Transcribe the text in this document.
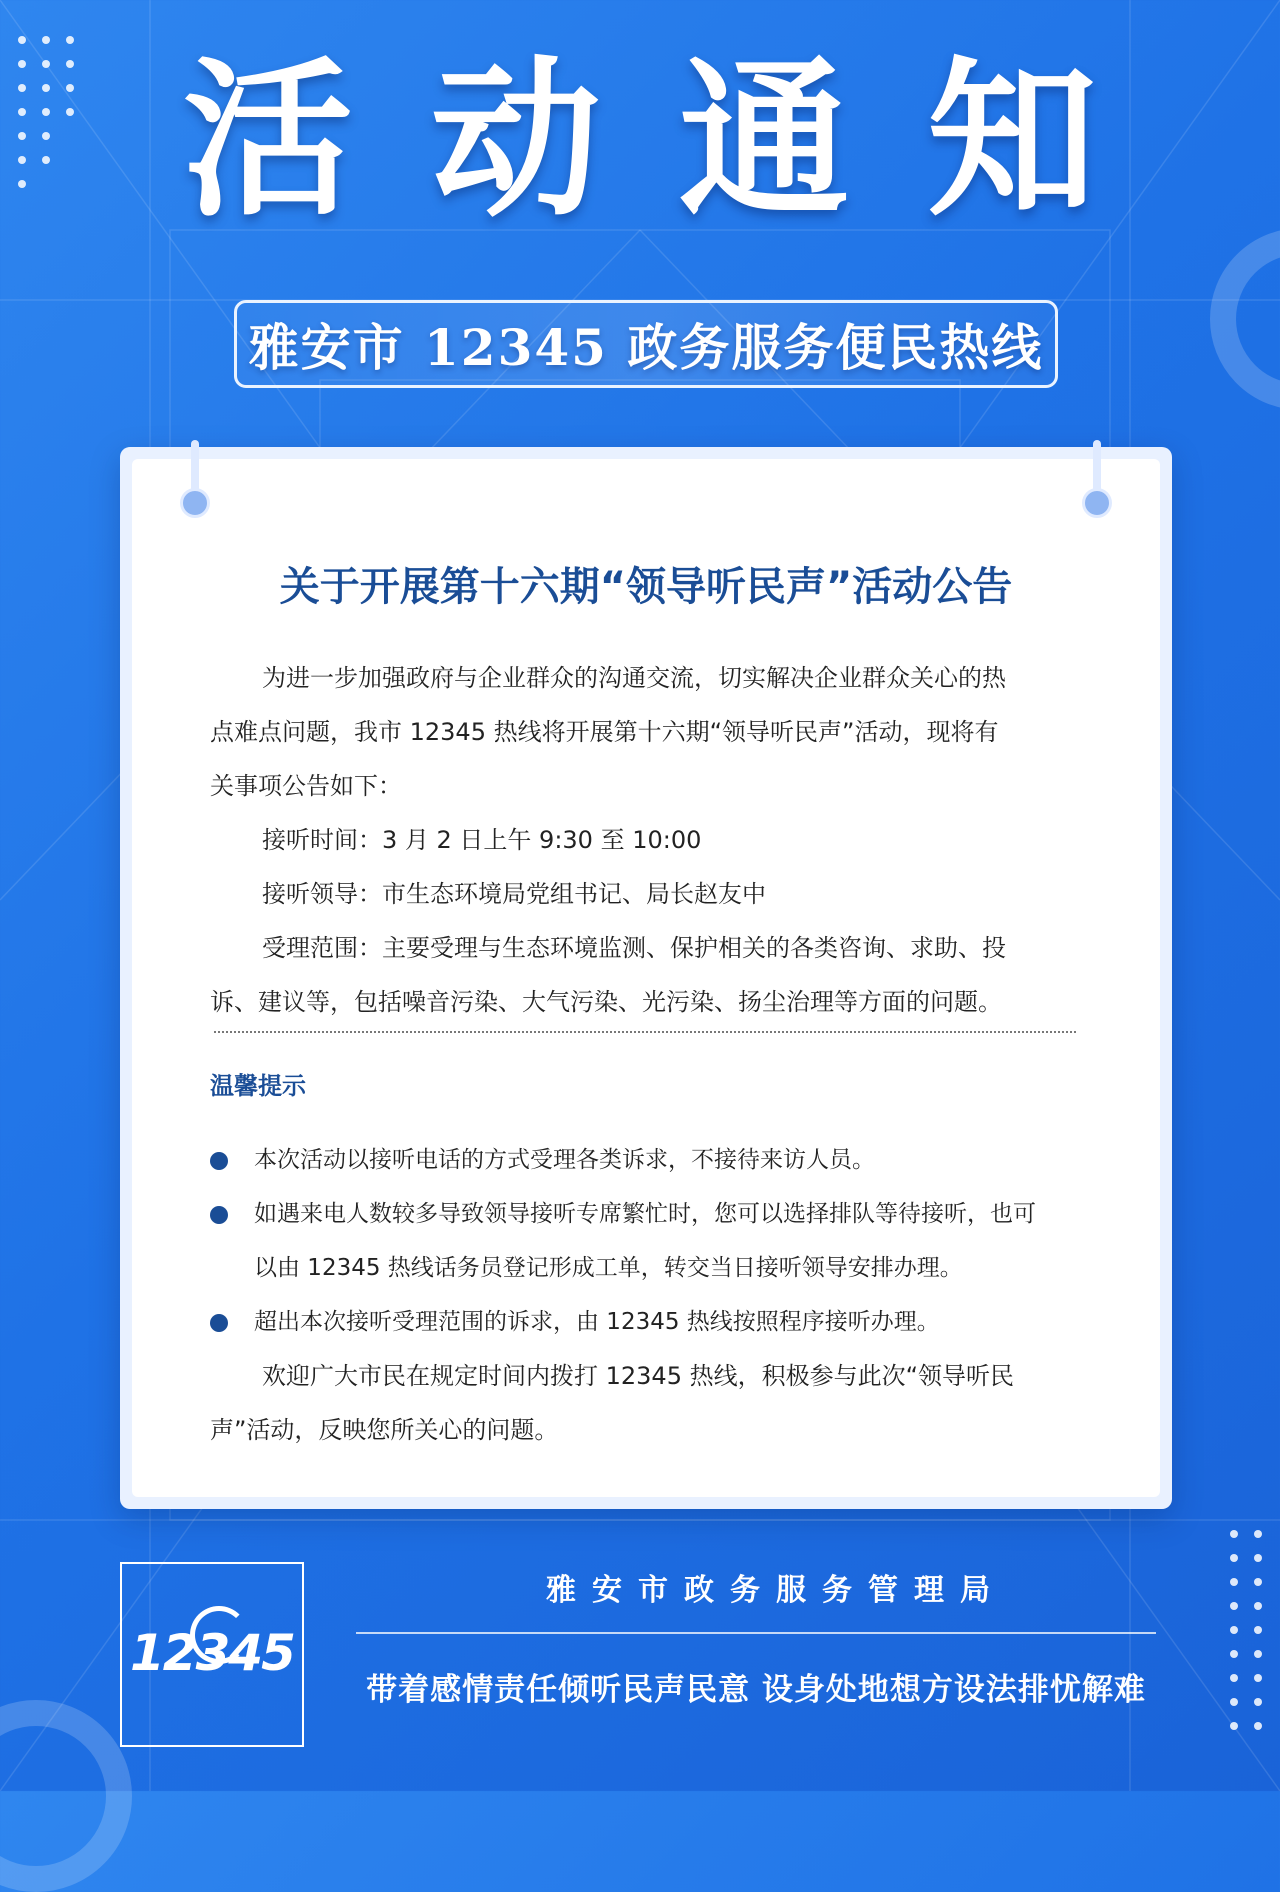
活动通知
雅安市 12345 政务服务便民热线
关于开展第十六期“领导听民声”活动公告

为进一步加强政府与企业群众的沟通交流，切实解决企业群众关心的热

点难点问题，我市 12345 热线将开展第十六期“领导听民声”活动，现将有

关事项公告如下：

接听时间：3 月 2 日上午 9:30 至 10:00

接听领导：市生态环境局党组书记、局长赵友中

受理范围：主要受理与生态环境监测、保护相关的各类咨询、求助、投

诉、建议等，包括噪音污染、大气污染、光污染、扬尘治理等方面的问题。

温馨提示
本次活动以接听电话的方式受理各类诉求，不接待来访人员。
如遇来电人数较多导致领导接听专席繁忙时，您可以选择排队等待接听，也可
以由 12345 热线话务员登记形成工单，转交当日接听领导安排办理。
超出本次接听受理范围的诉求，由 12345 热线按照程序接听办理。

欢迎广大市民在规定时间内拨打 12345 热线，积极参与此次“领导听民

声”活动，反映您所关心的问题。

12345
雅安市政务服务管理局
带着感情责任倾听民声民意 设身处地想方设法排忧解难
